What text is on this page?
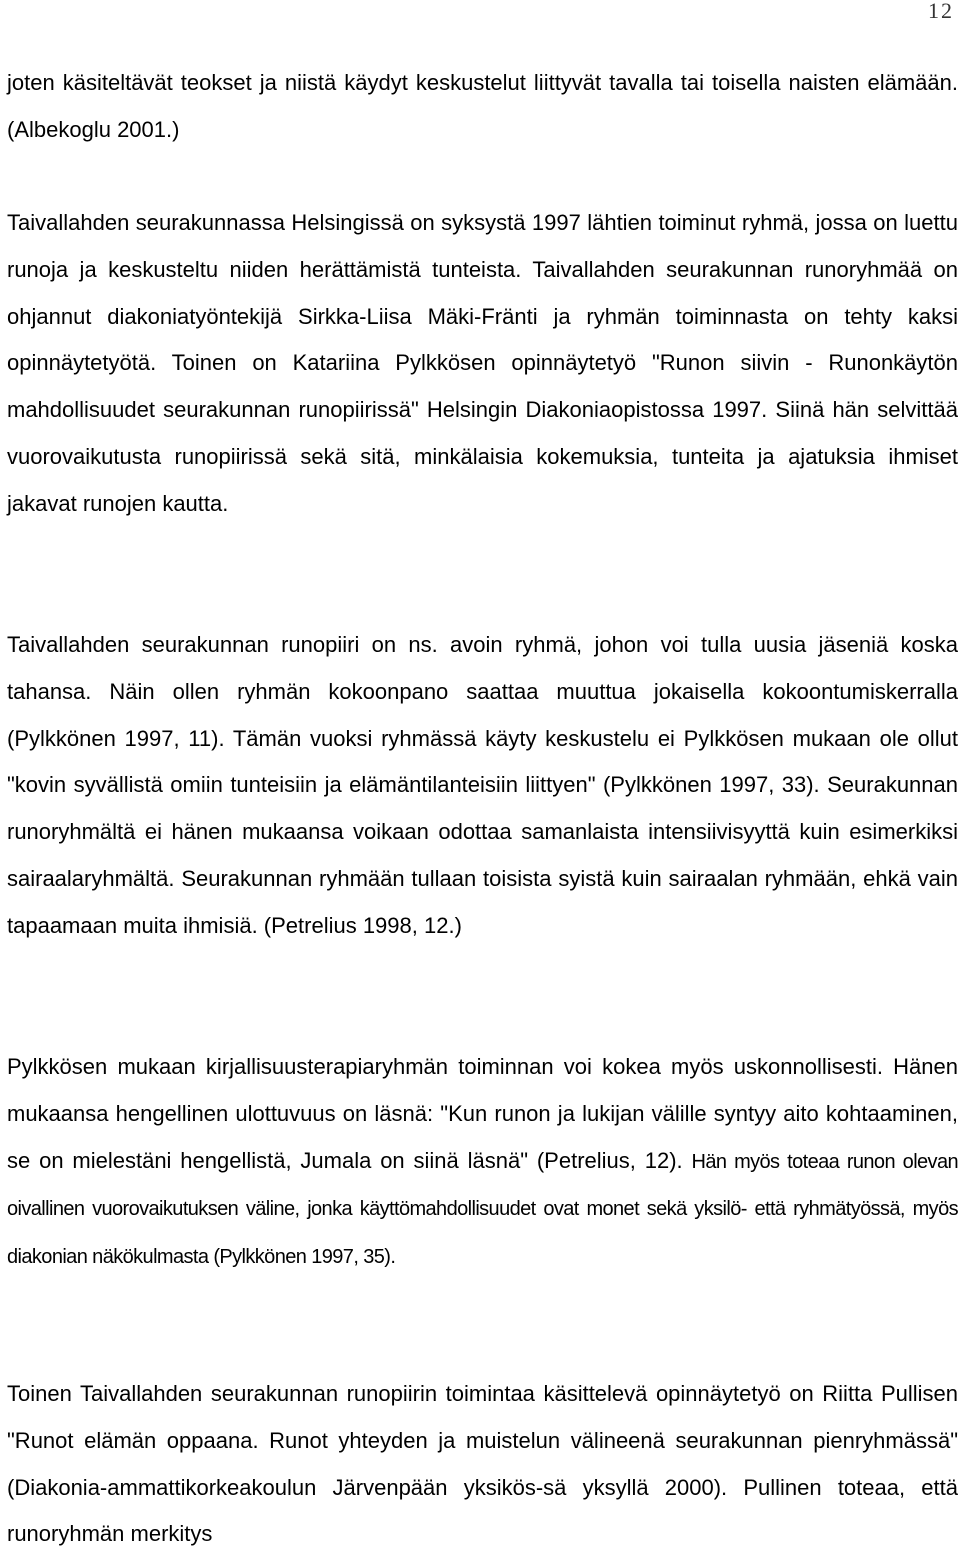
12

joten käsiteltävät teokset ja niistä käydyt keskustelut liittyvät tavalla tai toisella naisten elämään. (Albekoglu 2001.)

Taivallahden seurakunnassa Helsingissä on syksystä 1997 lähtien toiminut ryhmä, jossa on luettu runoja ja keskusteltu niiden herättämistä tunteista. Taivallahden seurakunnan runoryhmää on ohjannut diakoniatyöntekijä Sirkka-Liisa Mäki-Fränti ja ryhmän toiminnasta on tehty kaksi opinnäytetyötä. Toinen on Katariina Pylkkösen opinnäytetyö "Runon siivin - Runonkäytön mahdollisuudet seurakunnan runopiirissä" Helsingin Diakoniaopistossa 1997. Siinä hän selvittää vuorovaikutusta runopiirissä sekä sitä, minkälaisia kokemuksia, tunteita ja ajatuksia ihmiset jakavat runojen kautta.

Taivallahden seurakunnan runopiiri on ns. avoin ryhmä, johon voi tulla uusia jäseniä koska tahansa. Näin ollen ryhmän kokoonpano saattaa muuttua jokaisella kokoontumiskerralla (Pylkkönen 1997, 11). Tämän vuoksi ryhmässä käyty keskustelu ei Pylkkösen mukaan ole ollut "kovin syvällistä omiin tunteisiin ja elämäntilanteisiin liittyen" (Pylkkönen 1997, 33). Seurakunnan runoryhmältä ei hänen mukaansa voikaan odottaa samanlaista intensiivisyyttä kuin esimerkiksi sairaalaryhmältä. Seurakunnan ryhmään tullaan toisista syistä kuin sairaalan ryhmään, ehkä vain tapaamaan muita ihmisiä. (Petrelius 1998, 12.)

Pylkkösen mukaan kirjallisuusterapiaryhmän toiminnan voi kokea myös uskonnollisesti. Hänen mukaansa hengellinen ulottuvuus on läsnä: "Kun runon ja lukijan välille syntyy aito kohtaaminen, se on mielestäni hengellistä, Jumala on siinä läsnä" (Petrelius, 12). Hän myös toteaa runon olevan oivallinen vuorovaikutuksen väline, jonka käyttömahdollisuudet ovat monet sekä yksilö- että ryhmätyössä, myös diakonian näkökulmasta (Pylkkönen 1997, 35).

Toinen Taivallahden seurakunnan runopiirin toimintaa käsittelevä opinnäytetyö on Riitta Pullisen "Runot elämän oppaana. Runot yhteyden ja muistelun välineenä seurakunnan pienryhmässä" (Diakonia-ammattikorkeakoulun Järvenpään yksikös-sä yksyllä 2000). Pullinen toteaa, että runoryhmän merkitys
